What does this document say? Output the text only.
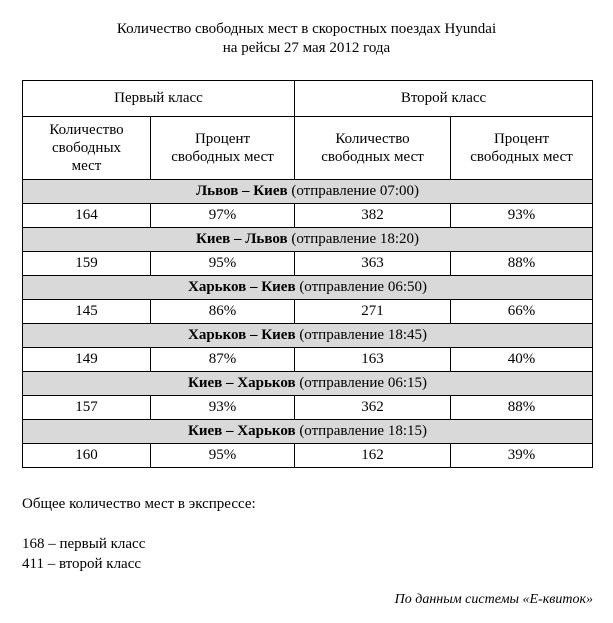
Количество свободных мест в скоростных поездах Hyundai
на рейсы 27 мая 2012 года
Первый класс		Второй класс	
Количество свободных мест	Процент свободных мест	Количество свободных мест	Процент свободных мест
Львов – Киев (отправление 07:00)			
164	97%	382	93%
Киев – Львов (отправление 18:20)			
159	95%	363	88%
Харьков – Киев (отправление 06:50)			
145	86%	271	66%
Харьков – Киев (отправление 18:45)			
149	87%	163	40%
Киев – Харьков (отправление 06:15)			
157	93%	362	88%
Киев – Харьков (отправление 18:15)			
160	95%	162	39%
Общее количество мест в экспрессе:
168 – первый класс
411 – второй класс
По данным системы «E-квиток»
